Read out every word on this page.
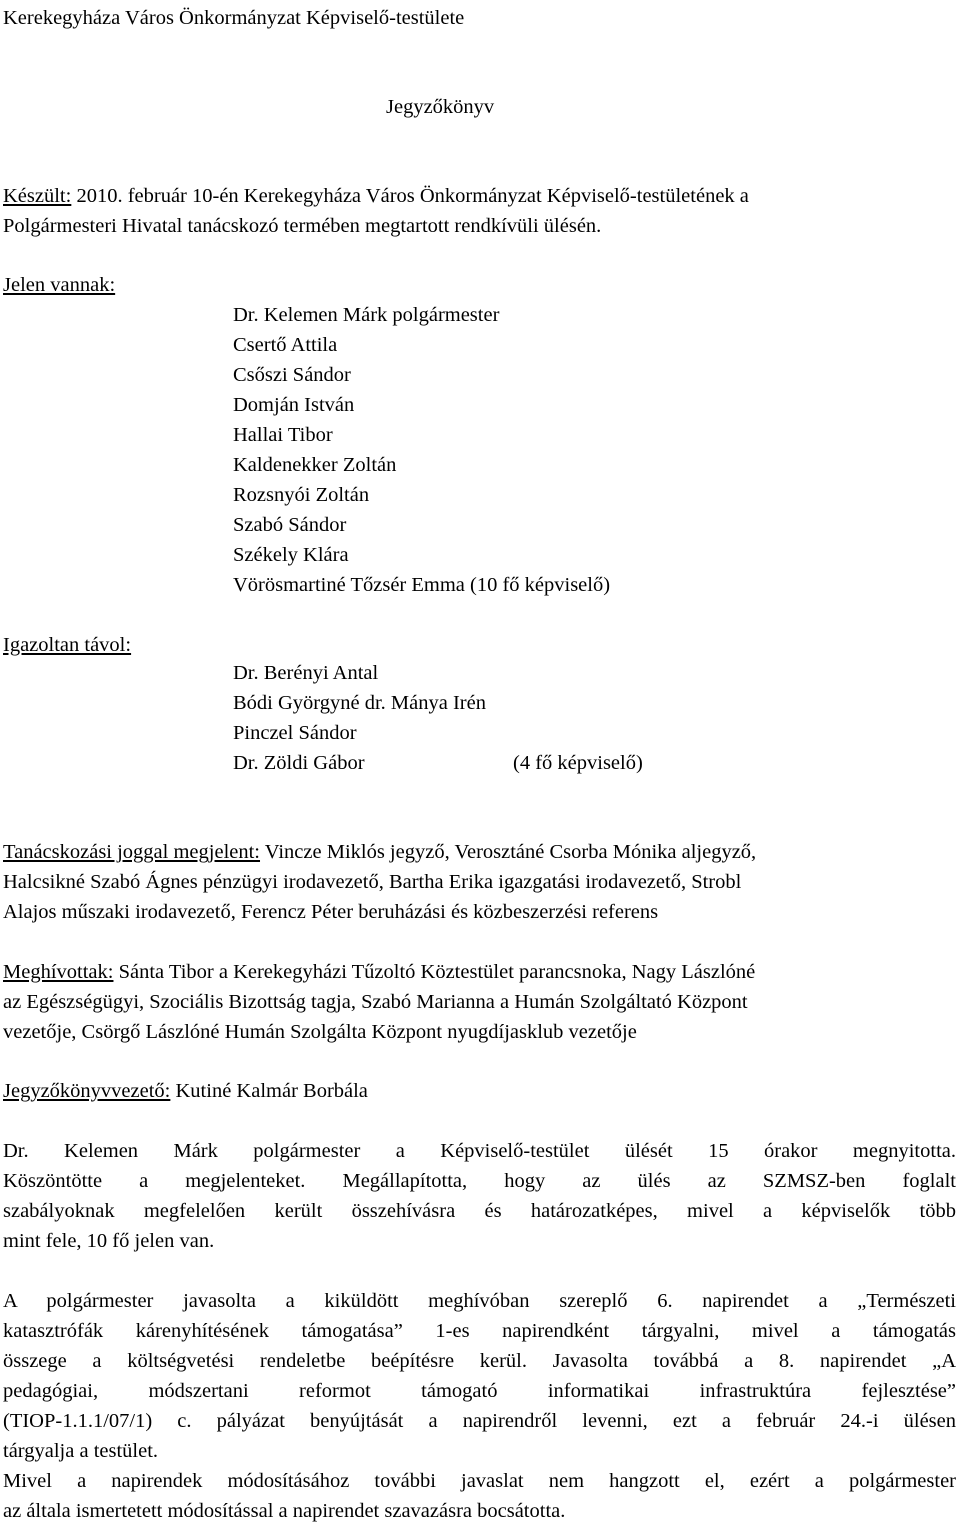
Kerekegyháza Város Önkormányzat Képviselő-testülete
Jegyzőkönyv
Készült: 2010. február 10-én Kerekegyháza Város Önkormányzat Képviselő-testületének a
Polgármesteri Hivatal tanácskozó termében megtartott rendkívüli ülésén.
Jelen vannak:
Dr. Kelemen Márk polgármester
Csertő Attila
Csőszi Sándor
Domján István
Hallai Tibor
Kaldenekker Zoltán
Rozsnyói Zoltán
Szabó Sándor
Székely Klára
Vörösmartiné Tőzsér Emma (10 fő képviselő)
Igazoltan távol:
Dr. Berényi Antal
Bódi Györgyné dr. Mánya Irén
Pinczel Sándor
Dr. Zöldi Gábor	(4 fő képviselő)
Tanácskozási joggal megjelent: Vincze Miklós jegyző, Verosztáné Csorba Mónika aljegyző,
Halcsikné Szabó Ágnes pénzügyi irodavezető, Bartha Erika igazgatási irodavezető, Strobl
Alajos műszaki irodavezető, Ferencz Péter beruházási és közbeszerzési referens
Meghívottak: Sánta Tibor a Kerekegyházi Tűzoltó Köztestület parancsnoka, Nagy Lászlóné
az Egészségügyi, Szociális Bizottság tagja, Szabó Marianna a Humán Szolgáltató Központ
vezetője, Csörgő Lászlóné Humán Szolgálta Központ nyugdíjasklub vezetője
Jegyzőkönyvvezető: Kutiné Kalmár Borbála
Dr. Kelemen Márk polgármester a Képviselő-testület ülését 15 órakor megnyitotta.
Köszöntötte a megjelenteket. Megállapította, hogy az ülés az SZMSZ-ben foglalt
szabályoknak megfelelően került összehívásra és határozatképes, mivel a képviselők több
mint fele, 10 fő jelen van.
A polgármester javasolta a kiküldött meghívóban szereplő 6. napirendet a „Természeti
katasztrófák kárenyhítésének támogatása” 1-es napirendként tárgyalni, mivel a támogatás
összege a költségvetési rendeletbe beépítésre kerül. Javasolta továbbá a 8. napirendet „A
pedagógiai, módszertani reformot támogató informatikai infrastruktúra fejlesztése”
(TIOP-1.1.1/07/1) c. pályázat benyújtását a napirendről levenni, ezt a február 24.-i ülésen
tárgyalja a testület.
Mivel a napirendek módosításához további javaslat nem hangzott el, ezért a polgármester
az általa ismertetett módosítással a napirendet szavazásra bocsátotta.
